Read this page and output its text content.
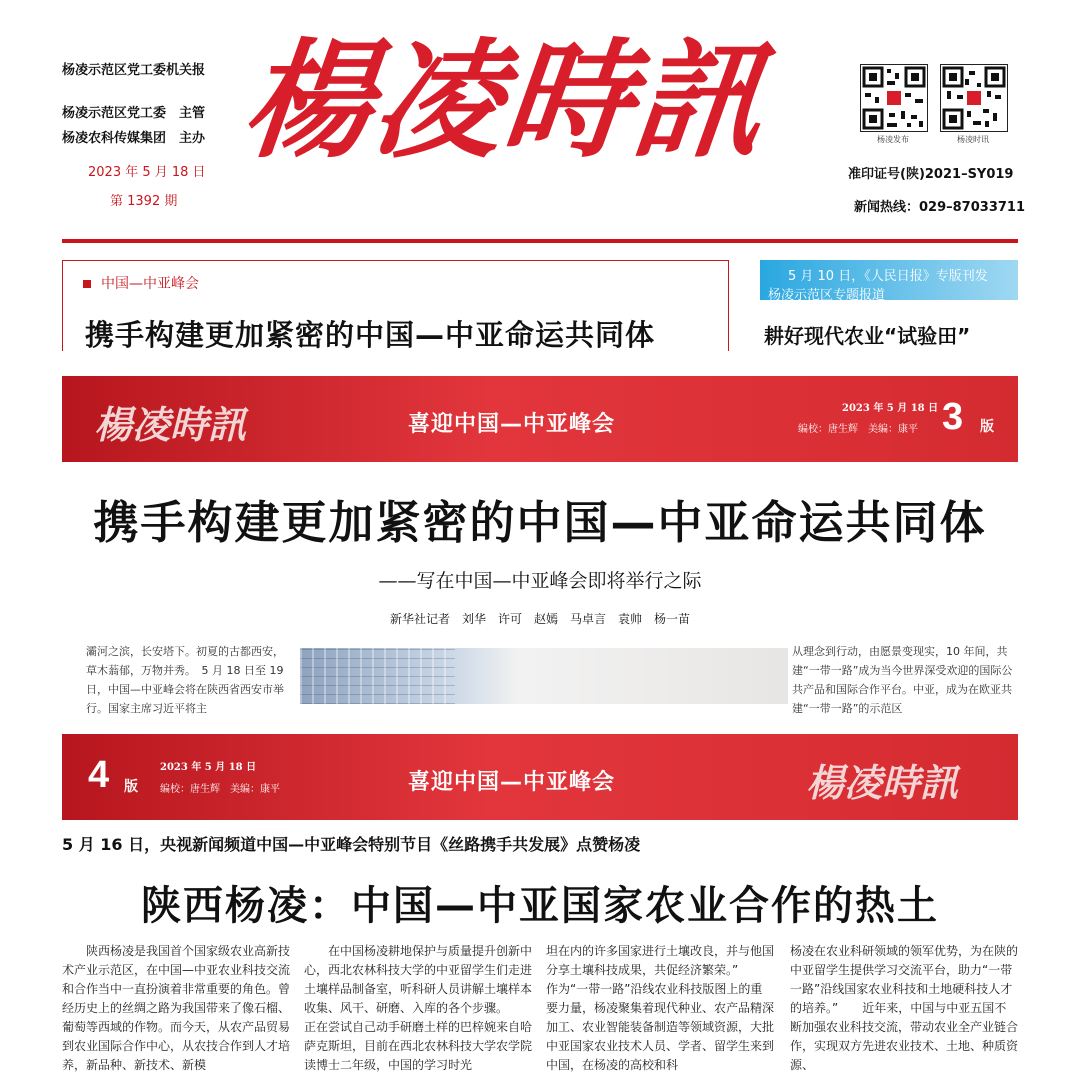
杨凌示范区党工委机关报
杨凌示范区党工委　主管
杨凌农科传媒集团　主办
2023 年 5 月 18 日
第 1392 期
楊凌時訊	杨凌发布	杨凌时讯
准印证号(陕)2021–SY019
新闻热线：029–87033711
中国—中亚峰会
携手构建更加紧密的中国—中亚命运共同体
5 月 10 日，《人民日报》专版刊发
杨凌示范区专题报道
耕好现代农业“试验田”
楊凌時訊	喜迎中国—中亚峰会
2023 年 5 月 18 日
编校：唐生辉　美编：康平 3 版
携手构建更加紧密的中国—中亚命运共同体
——写在中国—中亚峰会即将举行之际
新华社记者　刘华　许可　赵嫣　马卓言　袁帅　杨一苗
灞河之滨，长安塔下。初夏的古都西安，草木蓊郁，万物并秀。　5 月 18 日至 19 日，中国—中亚峰会将在陕西省西安市举行。国家主席习近平将主
从理念到行动，由愿景变现实，10 年间，共建“一带一路”成为当今世界深受欢迎的国际公共产品和国际合作平台。中亚，成为在欧亚共建“一带一路”的示范区
4 版
2023 年 5 月 18 日
编校：唐生辉　美编：康平	喜迎中国—中亚峰会	楊凌時訊
5 月 16 日，央视新闻频道中国—中亚峰会特别节目《丝路携手共发展》点赞杨凌
陕西杨凌：中国—中亚国家农业合作的热土
　　陕西杨凌是我国首个国家级农业高新技术产业示范区，在中国—中亚农业科技交流和合作当中一直扮演着非常重要的角色。曾经历史上的丝绸之路为我国带来了像石榴、葡萄等西域的作物。而今天，从农产品贸易到农业国际合作中心，从农技合作到人才培养，新品种、新技术、新模
　　在中国杨凌耕地保护与质量提升创新中心，西北农林科技大学的中亚留学生们走进土壤样品制备室，听科研人员讲解土壤样本收集、风干、研磨、入库的各个步骤。　　正在尝试自己动手研磨土样的巴梓婉来自哈萨克斯坦，目前在西北农林科技大学农学院读博士二年级，中国的学习时光
坦在内的许多国家进行土壤改良，并与他国分享土壤科技成果，共促经济繁荣。”　　作为“一带一路”沿线农业科技版图上的重要力量，杨凌聚集着现代种业、农产品精深加工、农业智能装备制造等领域资源，大批中亚国家农业技术人员、学者、留学生来到中国，在杨凌的高校和科
杨凌在农业科研领域的领军优势，为在陕的中亚留学生提供学习交流平台，助力“一带一路”沿线国家农业科技和土地硬科技人才的培养。”　　近年来，中国与中亚五国不断加强农业科技交流，带动农业全产业链合作，实现双方先进农业技术、土地、种质资源、
